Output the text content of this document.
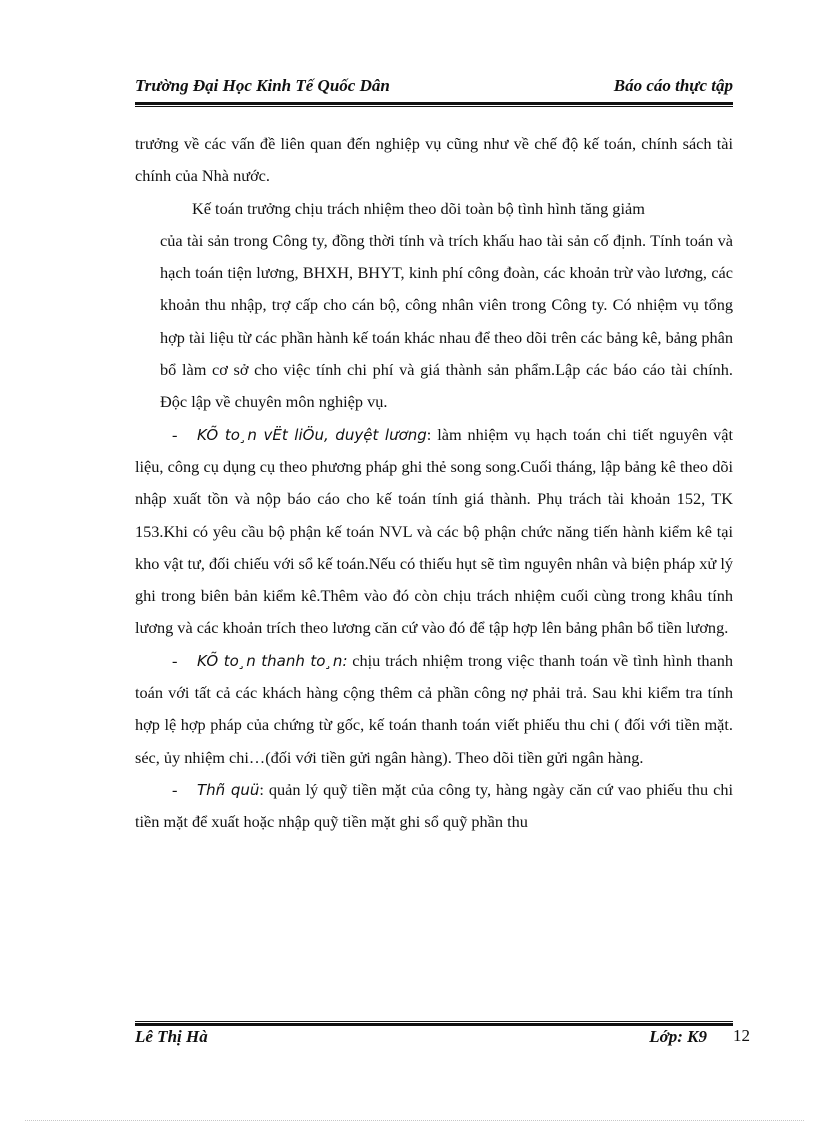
Trường Đại Học Kinh Tế Quốc Dân	Báo cáo thực tập

trưởng về các vấn đề liên quan đến nghiệp vụ cũng như về chế độ kế toán, chính sách tài chính của Nhà nước.

Kế toán trưởng chịu trách nhiệm theo dõi toàn bộ tình hình tăng giảm

của tài sản trong Công ty, đồng thời tính và trích khấu hao tài sản cố định. Tính toán và hạch toán tiện lương, BHXH, BHYT, kinh phí công đoàn, các khoản trừ vào lương, các khoản thu nhập, trợ cấp cho cán bộ, công nhân viên trong Công ty. Có nhiệm vụ tổng hợp tài liệu từ các phần hành kế toán khác nhau để theo dõi trên các bảng kê, bảng phân bổ làm cơ sở cho việc tính chi phí và giá thành sản phẩm.Lập các báo cáo tài chính. Độc lập về chuyên môn nghiệp vụ.

- KÕ to¸n vËt liÖu, duyệt lương: làm nhiệm vụ hạch toán chi tiết nguyên vật liệu, công cụ dụng cụ theo phương pháp ghi thẻ song song.Cuối tháng, lập bảng kê theo dõi nhập xuất tồn và nộp báo cáo cho kế toán tính giá thành. Phụ trách tài khoản 152, TK 153.Khi có yêu cầu bộ phận kế toán NVL và các bộ phận chức năng tiến hành kiểm kê tại kho vật tư, đối chiếu với sổ kế toán.Nếu có thiếu hụt sẽ tìm nguyên nhân và biện pháp xử lý ghi trong biên bản kiểm kê.Thêm vào đó còn chịu trách nhiệm cuối cùng trong khâu tính lương và các khoản trích theo lương căn cứ vào đó để tập hợp lên bảng phân bổ tiền lương.

- KÕ to¸n thanh to¸n: chịu trách nhiệm trong việc thanh toán về tình hình thanh toán với tất cả các khách hàng cộng thêm cả phần công nợ phải trả. Sau khi kiểm tra tính hợp lệ hợp pháp của chứng từ gốc, kế toán thanh toán viết phiếu thu chi ( đối với tiền mặt. séc, ủy nhiệm chi…(đối với tiền gửi ngân hàng). Theo dõi tiền gửi ngân hàng.

- Thñ quü: quản lý quỹ tiền mặt của công ty, hàng ngày căn cứ vao phiếu thu chi tiền mặt để xuất hoặc nhập quỹ tiền mặt ghi sổ quỹ phần thu

Lê Thị Hà	Lớp: K9 12
